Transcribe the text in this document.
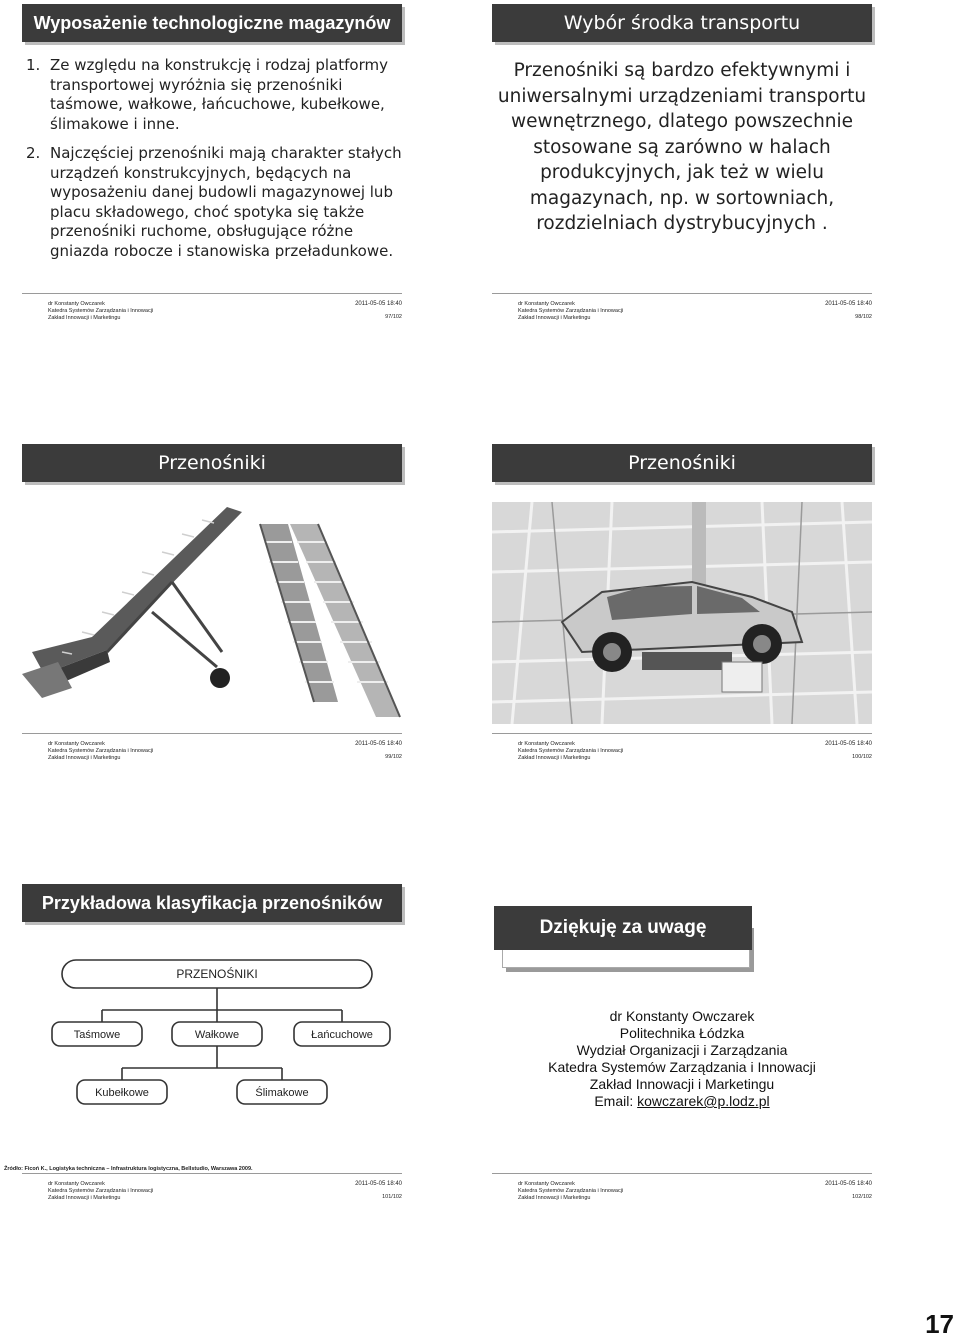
Wyposażenie technologiczne magazynów
1. Ze względu na konstrukcję i rodzaj platformy transportowej wyróżnia się przenośniki taśmowe, wałkowe, łańcuchowe, kubełkowe, ślimakowe i inne.
2. Najczęściej przenośniki mają charakter stałych urządzeń konstrukcyjnych, będących na wyposażeniu danej budowli magazynowej lub placu składowego, choć spotyka się także przenośniki ruchome, obsługujące różne gniazda robocze i stanowiska przeładunkowe.
dr Konstanty Owczarek
Katedra Systemów Zarządzania i Innowacji
Zakład Innowacji i Marketingu
2011-05-05 18:40
97/102
Wybór środka transportu
Przenośniki są bardzo efektywnymi i uniwersalnymi urządzeniami transportu wewnętrznego, dlatego powszechnie stosowane są zarówno w halach produkcyjnych, jak też w wielu magazynach, np. w sortowniach, rozdzielniach dystrybucyjnych .
dr Konstanty Owczarek
Katedra Systemów Zarządzania i Innowacji
Zakład Innowacji i Marketingu
2011-05-05 18:40
98/102
Przenośniki
dr Konstanty Owczarek
Katedra Systemów Zarządzania i Innowacji
Zakład Innowacji i Marketingu
2011-05-05 18:40
99/102
Przenośniki
dr Konstanty Owczarek
Katedra Systemów Zarządzania i Innowacji
Zakład Innowacji i Marketingu
2011-05-05 18:40
100/102
Przykładowa klasyfikacja przenośników
PRZENOŚNIKI
Taśmowe	Wałkowe	Łańcuchowe
Kubełkowe	Ślimakowe
Źródło: Ficoń K., Logistyka techniczna – Infrastruktura logistyczna, Bellstudio, Warszawa 2009.
dr Konstanty Owczarek
Katedra Systemów Zarządzania i Innowacji
Zakład Innowacji i Marketingu
2011-05-05 18:40
101/102
Dziękuję za uwagę
dr Konstanty Owczarek
Politechnika Łódzka
Wydział Organizacji i Zarządzania
Katedra Systemów Zarządzania i Innowacji
Zakład Innowacji i Marketingu
Email: kowczarek@p.lodz.pl
dr Konstanty Owczarek
Katedra Systemów Zarządzania i Innowacji
Zakład Innowacji i Marketingu
2011-05-05 18:40
102/102
17
